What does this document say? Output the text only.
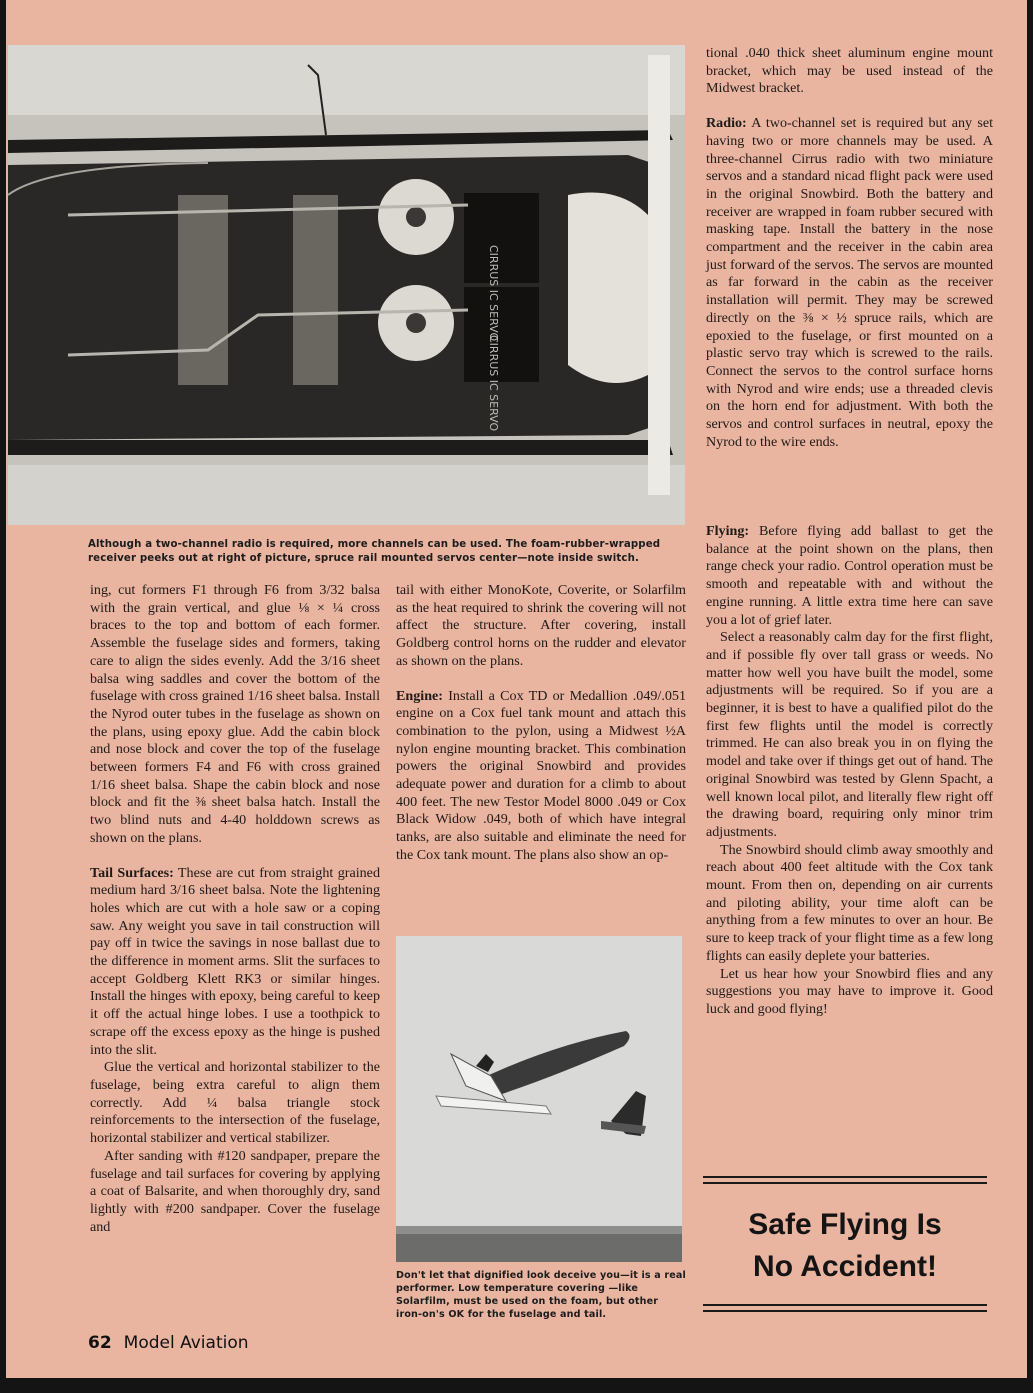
CIRRUS IC SERVO
CIRRUS IC SERVO
Although a two-channel radio is required, more channels can be used. The foam-rubber-wrapped receiver peeks out at right of picture, spruce rail mounted servos center—note inside switch.

ing, cut formers F1 through F6 from 3/32 balsa with the grain vertical, and glue ⅛ × ¼ cross braces to the top and bottom of each former. Assemble the fuselage sides and formers, taking care to align the sides evenly. Add the 3/16 sheet balsa wing saddles and cover the bottom of the fuselage with cross grained 1/16 sheet balsa. Install the Nyrod outer tubes in the fuselage as shown on the plans, using epoxy glue. Add the cabin block and nose block and cover the top of the fuselage between formers F4 and F6 with cross grained 1/16 sheet balsa. Shape the cabin block and nose block and fit the ⅜ sheet balsa hatch. Install the two blind nuts and 4-40 holddown screws as shown on the plans.

Tail Surfaces: These are cut from straight grained medium hard 3/16 sheet balsa. Note the lightening holes which are cut with a hole saw or a coping saw. Any weight you save in tail construction will pay off in twice the savings in nose ballast due to the difference in moment arms. Slit the surfaces to accept Goldberg Klett RK3 or similar hinges. Install the hinges with epoxy, being careful to keep it off the actual hinge lobes. I use a toothpick to scrape off the excess epoxy as the hinge is pushed into the slit.

Glue the vertical and horizontal stabilizer to the fuselage, being extra careful to align them correctly. Add ¼ balsa triangle stock reinforcements to the intersection of the fuselage, horizontal stabilizer and vertical stabilizer.

After sanding with #120 sandpaper, prepare the fuselage and tail surfaces for covering by applying a coat of Balsarite, and when thoroughly dry, sand lightly with #200 sandpaper. Cover the fuselage and

tail with either MonoKote, Coverite, or Solarfilm as the heat required to shrink the covering will not affect the structure. After covering, install Goldberg control horns on the rudder and elevator as shown on the plans.

Engine: Install a Cox TD or Medallion .049/.051 engine on a Cox fuel tank mount and attach this combination to the pylon, using a Midwest ½A nylon engine mounting bracket. This combination powers the original Snowbird and provides adequate power and duration for a climb to about 400 feet. The new Testor Model 8000 .049 or Cox Black Widow .049, both of which have integral tanks, are also suitable and eliminate the need for the Cox tank mount. The plans also show an op-

Don't let that dignified look deceive you—it is a real performer. Low temperature covering —like Solarfilm, must be used on the foam, but other iron-on's OK for the fuselage and tail.

tional .040 thick sheet aluminum engine mount bracket, which may be used instead of the Midwest bracket.

Radio: A two-channel set is required but any set having two or more channels may be used. A three-channel Cirrus radio with two miniature servos and a standard nicad flight pack were used in the original Snowbird. Both the battery and receiver are wrapped in foam rubber secured with masking tape. Install the battery in the nose compartment and the receiver in the cabin area just forward of the servos. The servos are mounted as far forward in the cabin as the receiver installation will permit. They may be screwed directly on the ⅜ × ½ spruce rails, which are epoxied to the fuselage, or first mounted on a plastic servo tray which is screwed to the rails. Connect the servos to the control surface horns with Nyrod and wire ends; use a threaded clevis on the horn end for adjustment. With both the servos and control surfaces in neutral, epoxy the Nyrod to the wire ends.

Flying: Before flying add ballast to get the balance at the point shown on the plans, then range check your radio. Control operation must be smooth and repeatable with and without the engine running. A little extra time here can save you a lot of grief later.

Select a reasonably calm day for the first flight, and if possible fly over tall grass or weeds. No matter how well you have built the model, some adjustments will be required. So if you are a beginner, it is best to have a qualified pilot do the first few flights until the model is correctly trimmed. He can also break you in on flying the model and take over if things get out of hand. The original Snowbird was tested by Glenn Spacht, a well known local pilot, and literally flew right off the drawing board, requiring only minor trim adjustments.

The Snowbird should climb away smoothly and reach about 400 feet altitude with the Cox tank mount. From then on, depending on air currents and piloting ability, your time aloft can be anything from a few minutes to over an hour. Be sure to keep track of your flight time as a few long flights can easily deplete your batteries.

Let us hear how your Snowbird flies and any suggestions you may have to improve it. Good luck and good flying!

Safe Flying Is
No Accident!
62 Model Aviation
